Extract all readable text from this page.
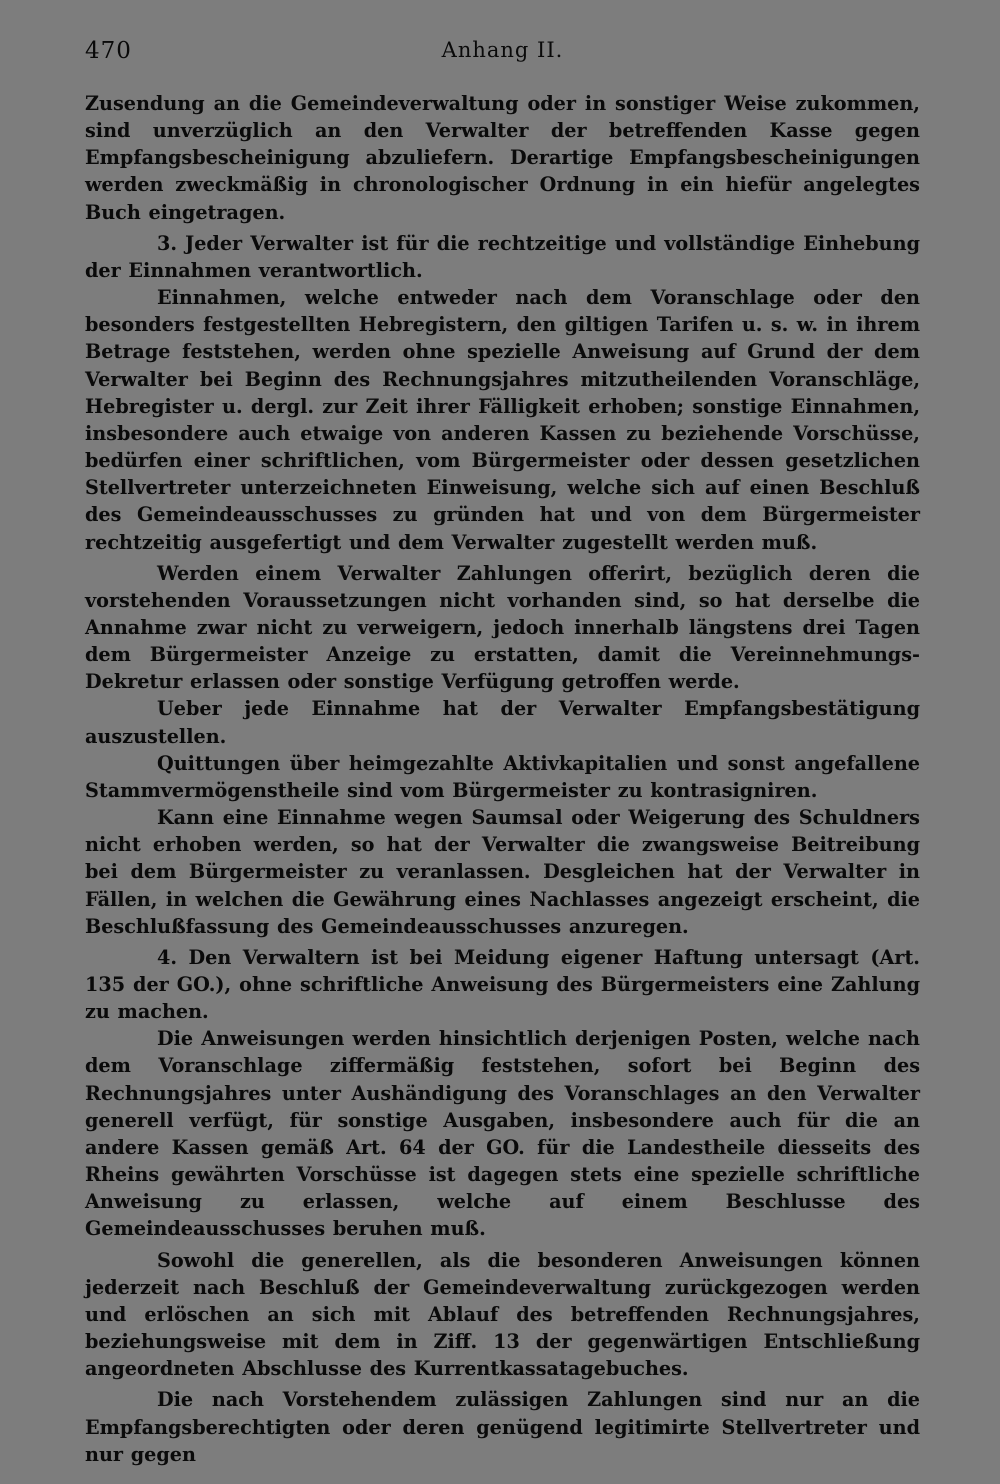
470	Anhang II.

Zusendung an die Gemeindeverwaltung oder in sonstiger Weise zukommen, sind unverzüglich an den Verwalter der betreffenden Kasse gegen Empfangsbescheinigung abzuliefern. Derartige Empfangsbescheinigungen werden zweckmäßig in chronologischer Ordnung in ein hiefür angelegtes Buch eingetragen.

3. Jeder Verwalter ist für die rechtzeitige und vollständige Einhebung der Einnahmen verantwortlich.

Einnahmen, welche entweder nach dem Voranschlage oder den besonders festgestellten Hebregistern, den giltigen Tarifen u. s. w. in ihrem Betrage feststehen, werden ohne spezielle Anweisung auf Grund der dem Verwalter bei Beginn des Rechnungsjahres mitzutheilenden Voranschläge, Hebregister u. dergl. zur Zeit ihrer Fälligkeit erhoben; sonstige Einnahmen, insbesondere auch etwaige von anderen Kassen zu beziehende Vorschüsse, bedürfen einer schriftlichen, vom Bürgermeister oder dessen gesetzlichen Stellvertreter unterzeichneten Einweisung, welche sich auf einen Beschluß des Gemeindeausschusses zu gründen hat und von dem Bürgermeister rechtzeitig ausgefertigt und dem Verwalter zugestellt werden muß.

Werden einem Verwalter Zahlungen offerirt, bezüglich deren die vorstehenden Voraussetzungen nicht vorhanden sind, so hat derselbe die Annahme zwar nicht zu verweigern, jedoch innerhalb längstens drei Tagen dem Bürgermeister Anzeige zu erstatten, damit die Vereinnehmungs-Dekretur erlassen oder sonstige Verfügung getroffen werde.

Ueber jede Einnahme hat der Verwalter Empfangsbestätigung auszustellen.

Quittungen über heimgezahlte Aktivkapitalien und sonst angefallene Stammvermögenstheile sind vom Bürgermeister zu kontrasigniren.

Kann eine Einnahme wegen Saumsal oder Weigerung des Schuldners nicht erhoben werden, so hat der Verwalter die zwangsweise Beitreibung bei dem Bürgermeister zu veranlassen. Desgleichen hat der Verwalter in Fällen, in welchen die Gewährung eines Nachlasses angezeigt erscheint, die Beschlußfassung des Gemeindeausschusses anzuregen.

4. Den Verwaltern ist bei Meidung eigener Haftung untersagt (Art. 135 der GO.), ohne schriftliche Anweisung des Bürgermeisters eine Zahlung zu machen.

Die Anweisungen werden hinsichtlich derjenigen Posten, welche nach dem Voranschlage ziffermäßig feststehen, sofort bei Beginn des Rechnungsjahres unter Aushändigung des Voranschlages an den Verwalter generell verfügt, für sonstige Ausgaben, insbesondere auch für die an andere Kassen gemäß Art. 64 der GO. für die Landestheile diesseits des Rheins gewährten Vorschüsse ist dagegen stets eine spezielle schriftliche Anweisung zu erlassen, welche auf einem Beschlusse des Gemeindeausschusses beruhen muß.

Sowohl die generellen, als die besonderen Anweisungen können jederzeit nach Beschluß der Gemeindeverwaltung zurückgezogen werden und erlöschen an sich mit Ablauf des betreffenden Rechnungsjahres, beziehungsweise mit dem in Ziff. 13 der gegenwärtigen Entschließung angeordneten Abschlusse des Kurrentkassatagebuches.

Die nach Vorstehendem zulässigen Zahlungen sind nur an die Empfangsberechtigten oder deren genügend legitimirte Stellvertreter und nur gegen
